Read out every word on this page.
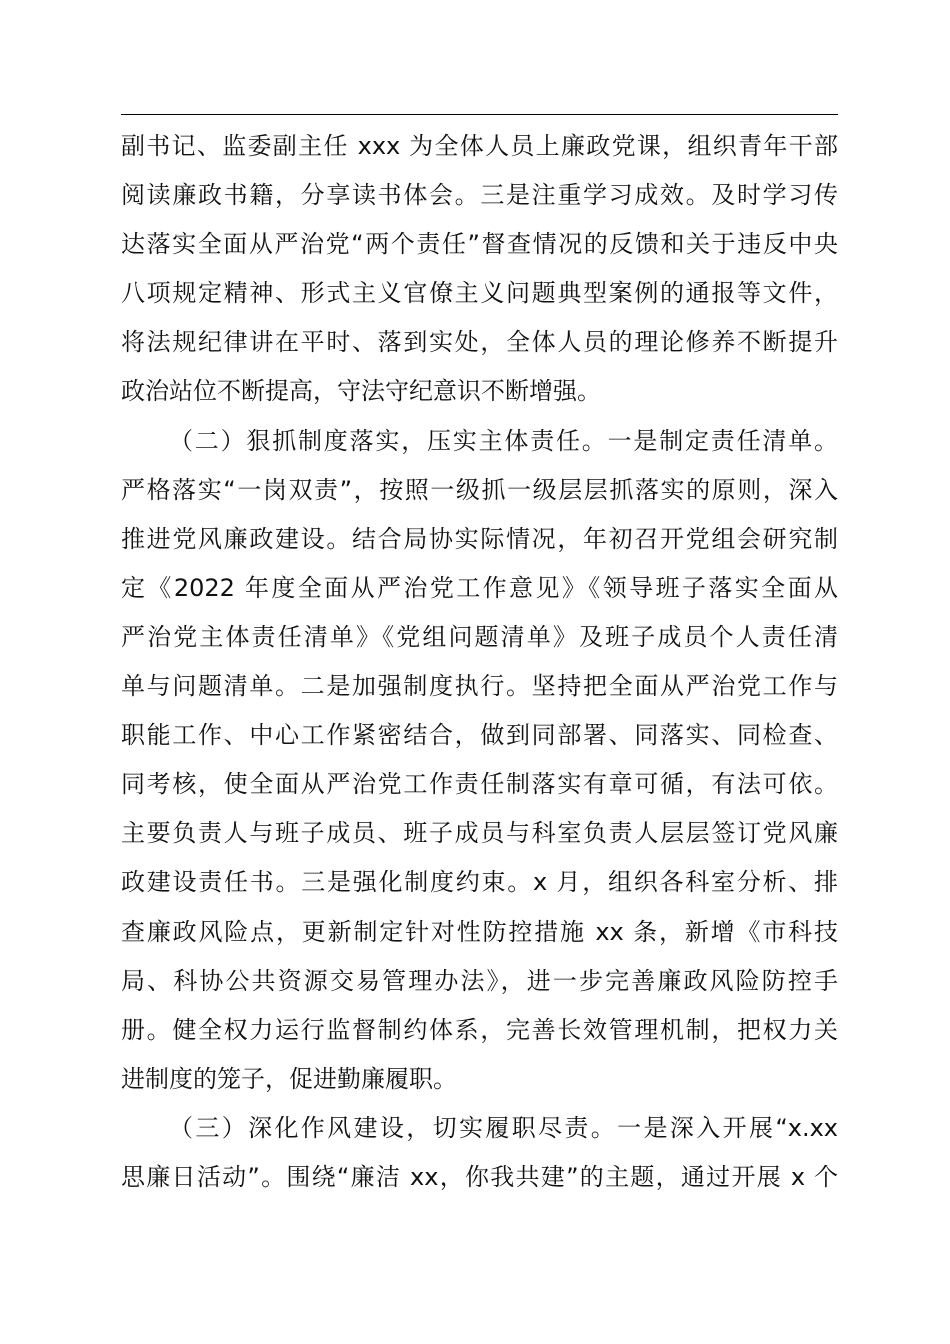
副书记、监委副主任 xxx 为全体人员上廉政党课，组织青年干部
阅读廉政书籍，分享读书体会。三是注重学习成效。及时学习传
达落实全面从严治党“两个责任”督查情况的反馈和关于违反中央
八项规定精神、形式主义官僚主义问题典型案例的通报等文件，
将法规纪律讲在平时、落到实处，全体人员的理论修养不断提升
政治站位不断提高，守法守纪意识不断增强。
（二）狠抓制度落实，压实主体责任。一是制定责任清单。
严格落实“一岗双责”，按照一级抓一级层层抓落实的原则，深入
推进党风廉政建设。结合局协实际情况，年初召开党组会研究制
定《2022 年度全面从严治党工作意见》《领导班子落实全面从
严治党主体责任清单》《党组问题清单》及班子成员个人责任清
单与问题清单。二是加强制度执行。坚持把全面从严治党工作与
职能工作、中心工作紧密结合，做到同部署、同落实、同检查、
同考核，使全面从严治党工作责任制落实有章可循，有法可依。
主要负责人与班子成员、班子成员与科室负责人层层签订党风廉
政建设责任书。三是强化制度约束。x 月，组织各科室分析、排
查廉政风险点，更新制定针对性防控措施 xx 条，新增《市科技
局、科协公共资源交易管理办法》，进一步完善廉政风险防控手
册。健全权力运行监督制约体系，完善长效管理机制，把权力关
进制度的笼子，促进勤廉履职。
（三）深化作风建设，切实履职尽责。一是深入开展“x.xx
思廉日活动”。围绕“廉洁 xx，你我共建”的主题，通过开展 x 个
